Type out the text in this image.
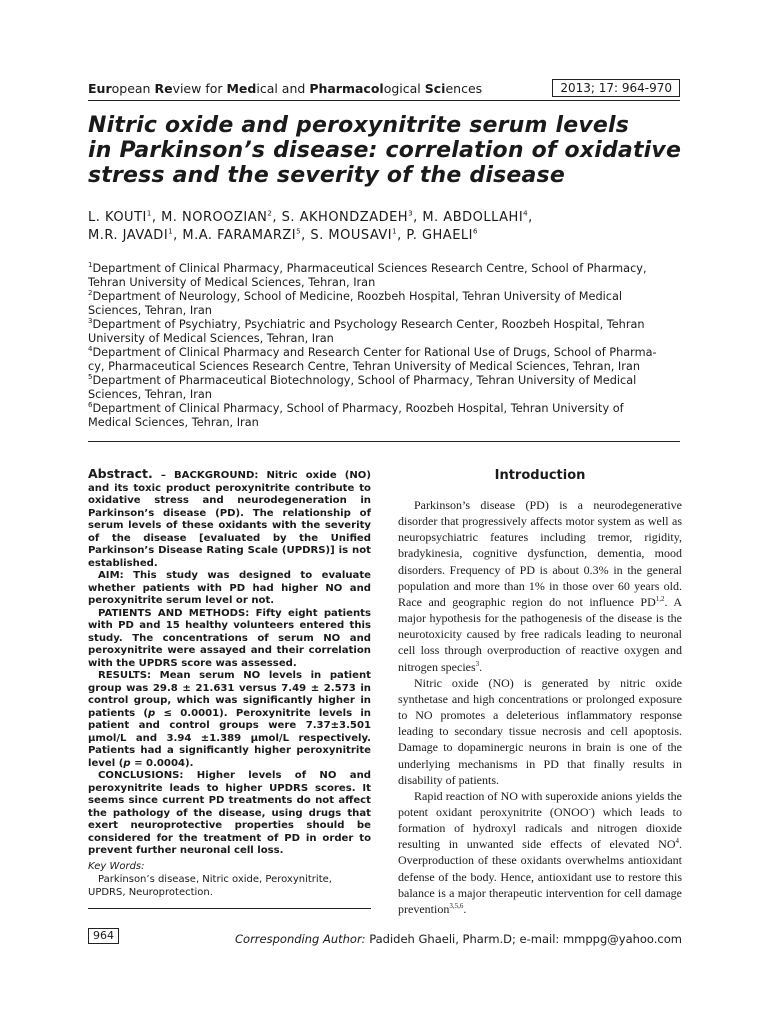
European Review for Medical and Pharmacological Sciences	2013; 17: 964-970
Nitric oxide and peroxynitrite serum levels
in Parkinson’s disease: correlation of oxidative
stress and the severity of the disease
L. KOUTI$^1$, M. NOROOZIAN$^2$, S. AKHONDZADEH$^3$, M. ABDOLLAHI$^4$,
M.R. JAVADI$^1$, M.A. FARAMARZI$^5$, S. MOUSAVI$^1$, P. GHAELI$^6$
$^1$Department of Clinical Pharmacy, Pharmaceutical Sciences Research Centre, School of Pharmacy,
Tehran University of Medical Sciences, Tehran, Iran
$^2$Department of Neurology, School of Medicine, Roozbeh Hospital, Tehran University of Medical
Sciences, Tehran, Iran
$^3$Department of Psychiatry, Psychiatric and Psychology Research Center, Roozbeh Hospital, Tehran
University of Medical Sciences, Tehran, Iran
$^4$Department of Clinical Pharmacy and Research Center for Rational Use of Drugs, School of Pharma-
cy, Pharmaceutical Sciences Research Centre, Tehran University of Medical Sciences, Tehran, Iran
$^5$Department of Pharmaceutical Biotechnology, School of Pharmacy, Tehran University of Medical
Sciences, Tehran, Iran
$^6$Department of Clinical Pharmacy, School of Pharmacy, Roozbeh Hospital, Tehran University of
Medical Sciences, Tehran, Iran

Abstract. – BACKGROUND: Nitric oxide (NO) and its toxic product peroxynitrite contribute to oxidative stress and neurodegeneration in Parkinson’s disease (PD). The relationship of serum levels of these oxidants with the severity of the disease [evaluated by the Unified Parkinson’s Disease Rating Scale (UPDRS)] is not established.

AIM: This study was designed to evaluate whether patients with PD had higher NO and peroxynitrite serum level or not.

PATIENTS AND METHODS: Fifty eight patients with PD and 15 healthy volunteers entered this study. The concentrations of serum NO and peroxynitrite were assayed and their correlation with the UPDRS score was assessed.

RESULTS: Mean serum NO levels in patient group was 29.8 ± 21.631 versus 7.49 ± 2.573 in control group, which was significantly higher in patients (p ≤ 0.0001). Peroxynitrite levels in patient and control groups were 7.37±3.501 µmol/L and 3.94 ±1.389 µmol/L respectively. Patients had a significantly higher peroxynitrite level (p = 0.0004).

CONCLUSIONS: Higher levels of NO and peroxynitrite leads to higher UPDRS scores. It seems since current PD treatments do not affect the pathology of the disease, using drugs that exert neuroprotective properties should be considered for the treatment of PD in order to prevent further neuronal cell loss.

Key Words:
Parkinson’s disease, Nitric oxide, Peroxynitrite, UPDRS, Neuroprotection.
Introduction

Parkinson’s disease (PD) is a neurodegenerative disorder that progressively affects motor system as well as neuropsychiatric features including tremor, rigidity, bradykinesia, cognitive dysfunction, dementia, mood disorders. Frequency of PD is about 0.3% in the general population and more than 1% in those over 60 years old. Race and geographic region do not influence PD$^{1,2}$. A major hypothesis for the pathogenesis of the disease is the neurotoxicity caused by free radicals leading to neuronal cell loss through overproduction of reactive oxygen and nitrogen species$^3$.

Nitric oxide (NO) is generated by nitric oxide synthetase and high concentrations or prolonged exposure to NO promotes a deleterious inflammatory response leading to secondary tissue necrosis and cell apoptosis. Damage to dopaminergic neurons in brain is one of the underlying mechanisms in PD that finally results in disability of patients.

Rapid reaction of NO with superoxide anions yields the potent oxidant peroxynitrite (ONOO-) which leads to formation of hydroxyl radicals and nitrogen dioxide resulting in unwanted side effects of elevated $NO^4$. Overproduction of these oxidants overwhelms antioxidant defense of the body. Hence, antioxidant use to restore this balance is a major therapeutic intervention for cell damage prevention$^{3,5,6}$.

964	Corresponding Author: Padideh Ghaeli, Pharm.D; e-mail: mmppg@yahoo.com
